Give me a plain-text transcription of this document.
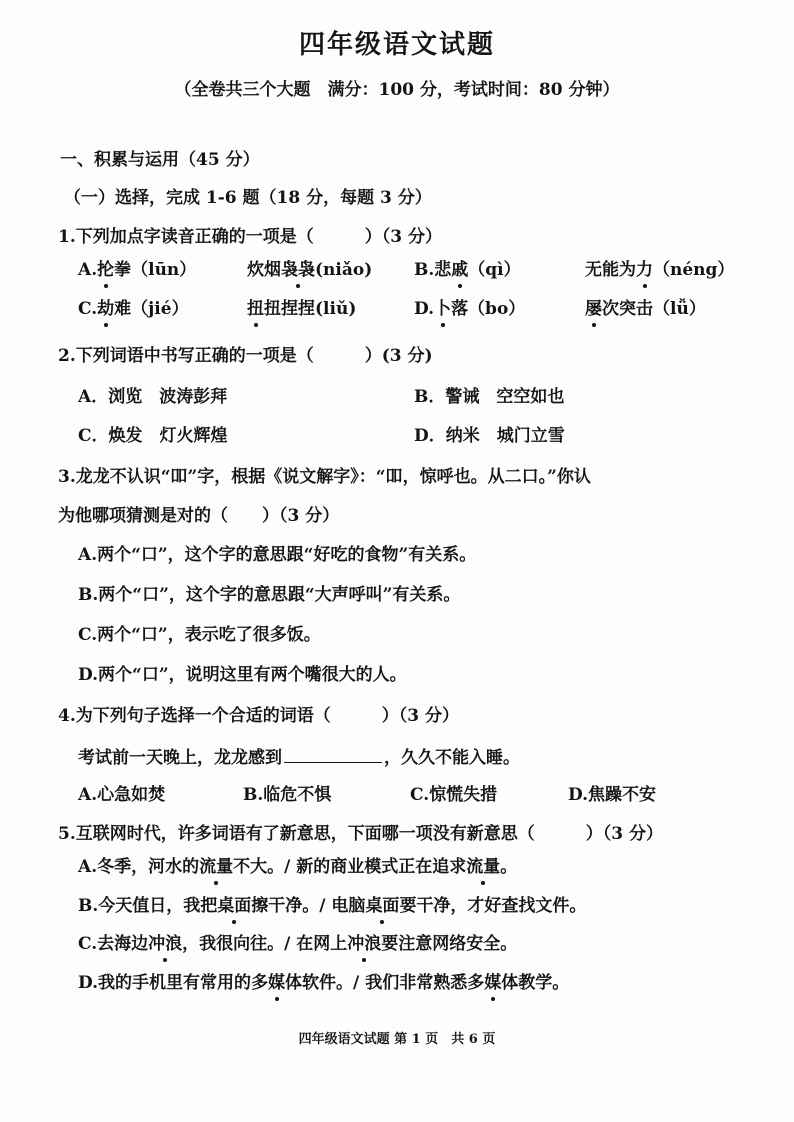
四年级语文试题
（全卷共三个大题　满分：100 分，考试时间：80 分钟）
一、积累与运用（45 分）
（一）选择，完成 1-6 题（18 分，每题 3 分）
1.下列加点字读音正确的一项是（　　　）（3 分）
A.抡拳（lūn）	炊烟袅袅(niǎo) B.悲戚（qì）	无能为力（néng）
C.劫难（jié）	扭扭捏捏(liǔ)	D.卜落（bo）	屡次突击（lǚ）
2.下列词语中书写正确的一项是（　　　）(3 分)
A．浏览　波涛彭拜	B．警诫　空空如也
C．焕发　灯火辉煌	D．纳米　城门立雪
3.龙龙不认识“吅”字，根据《说文解字》：“吅，惊呼也。从二口。”你认
为他哪项猜测是对的（　　）（3 分）
A.两个“口”，这个字的意思跟“好吃的食物”有关系。
B.两个“口”，这个字的意思跟“大声呼叫”有关系。
C.两个“口”，表示吃了很多饭。
D.两个“口”，说明这里有两个嘴很大的人。
4.为下列句子选择一个合适的词语（　　　）（3 分）
考试前一天晚上，龙龙感到	，久久不能入睡。
A.心急如焚	B.临危不惧	C.惊慌失措	D.焦躁不安
5.互联网时代，许多词语有了新意思，下面哪一项没有新意思（　　　）（3 分）
A.冬季，河水的流量不大。/ 新的商业模式正在追求流量。
B.今天值日，我把桌面擦干净。/ 电脑桌面要干净，才好查找文件。
C.去海边冲浪，我很向往。/ 在网上冲浪要注意网络安全。
D.我的手机里有常用的多媒体软件。/ 我们非常熟悉多媒体教学。
四年级语文试题 第 1 页　共 6 页
